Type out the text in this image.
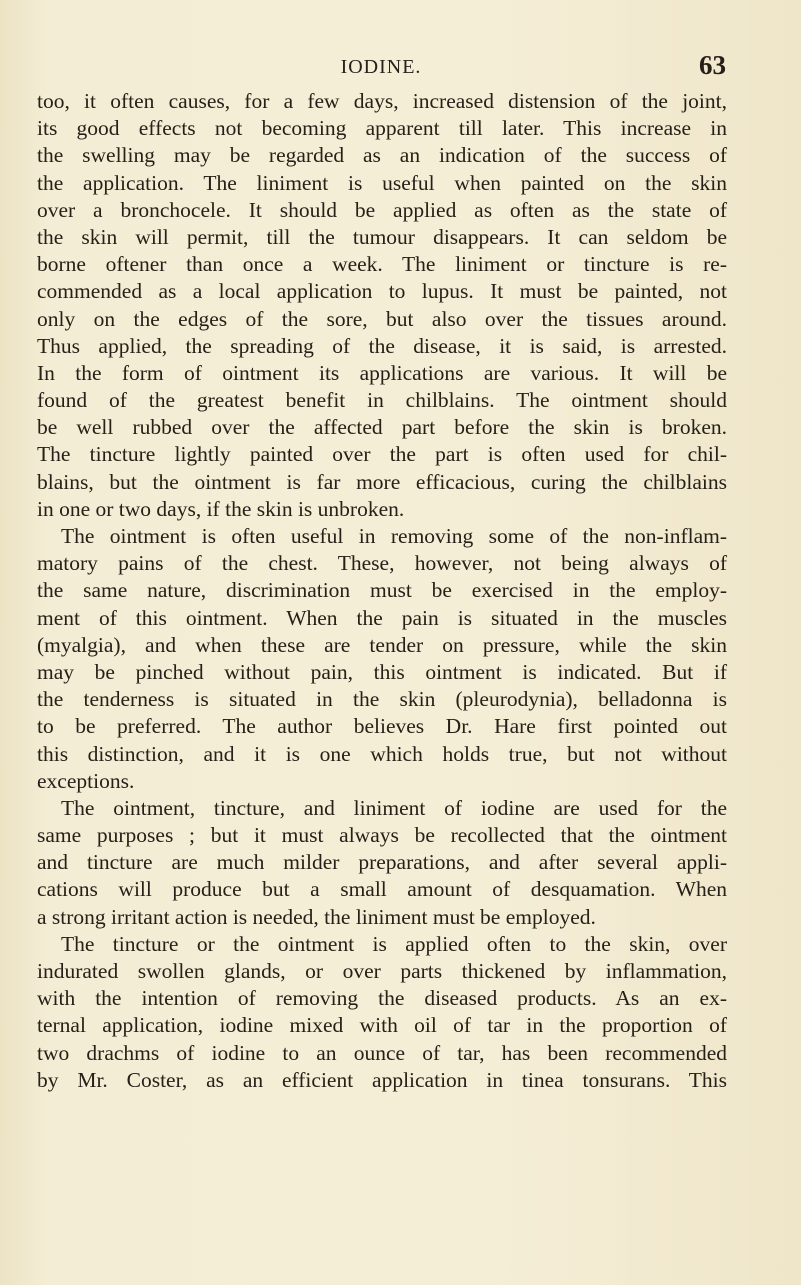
IODINE.	63
too, it often causes, for a few days, increased distension of the joint,
its good effects not becoming apparent till later. This increase in
the swelling may be regarded as an indication of the success of
the application. The liniment is useful when painted on the skin
over a bronchocele. It should be applied as often as the state of
the skin will permit, till the tumour disappears. It can seldom be
borne oftener than once a week. The liniment or tincture is re-
commended as a local application to lupus. It must be painted, not
only on the edges of the sore, but also over the tissues around.
Thus applied, the spreading of the disease, it is said, is arrested.
In the form of ointment its applications are various. It will be
found of the greatest benefit in chilblains. The ointment should
be well rubbed over the affected part before the skin is broken.
The tincture lightly painted over the part is often used for chil-
blains, but the ointment is far more efficacious, curing the chilblains
in one or two days, if the skin is unbroken.
The ointment is often useful in removing some of the non-inflam-
matory pains of the chest. These, however, not being always of
the same nature, discrimination must be exercised in the employ-
ment of this ointment. When the pain is situated in the muscles
(myalgia), and when these are tender on pressure, while the skin
may be pinched without pain, this ointment is indicated. But if
the tenderness is situated in the skin (pleurodynia), belladonna is
to be preferred. The author believes Dr. Hare first pointed out
this distinction, and it is one which holds true, but not without
exceptions.
The ointment, tincture, and liniment of iodine are used for the
same purposes ; but it must always be recollected that the ointment
and tincture are much milder preparations, and after several appli-
cations will produce but a small amount of desquamation. When
a strong irritant action is needed, the liniment must be employed.
The tincture or the ointment is applied often to the skin, over
indurated swollen glands, or over parts thickened by inflammation,
with the intention of removing the diseased products. As an ex-
ternal application, iodine mixed with oil of tar in the proportion of
two drachms of iodine to an ounce of tar, has been recommended
by Mr. Coster, as an efficient application in tinea tonsurans. This
